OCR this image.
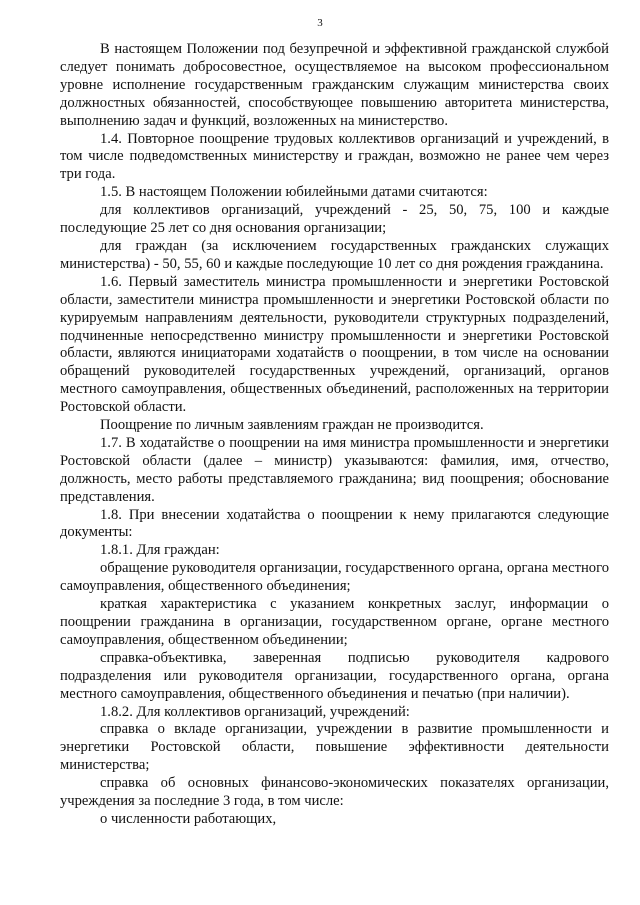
3

В настоящем Положении под безупречной и эффективной гражданской службой следует понимать добросовестное, осуществляемое на высоком профессиональном уровне исполнение государственным гражданским служащим министерства своих должностных обязанностей, способствующее повышению авторитета министерства, выполнению задач и функций, возложенных на министерство.

1.4. Повторное поощрение трудовых коллективов организаций и учреждений, в том числе подведомственных министерству и граждан, возможно не ранее чем через три года.

1.5. В настоящем Положении юбилейными датами считаются:

для коллективов организаций, учреждений - 25, 50, 75, 100 и каждые последующие 25 лет со дня основания организации;

для граждан (за исключением государственных гражданских служащих министерства) - 50, 55, 60 и каждые последующие 10 лет со дня рождения гражданина.

1.6. Первый заместитель министра промышленности и энергетики Ростовской области, заместители министра промышленности и энергетики Ростовской области по курируемым направлениям деятельности, руководители структурных подразделений, подчиненные непосредственно министру промышленности и энергетики Ростовской области, являются инициаторами ходатайств о поощрении, в том числе на основании обращений руководителей государственных учреждений, организаций, органов местного самоуправления, общественных объединений, расположенных на территории Ростовской области.

Поощрение по личным заявлениям граждан не производится.

1.7. В ходатайстве о поощрении на имя министра промышленности и энергетики Ростовской области (далее – министр) указываются: фамилия, имя, отчество, должность, место работы представляемого гражданина; вид поощрения; обоснование представления.

1.8. При внесении ходатайства о поощрении к нему прилагаются следующие документы:

1.8.1. Для граждан:

обращение руководителя организации, государственного органа, органа местного самоуправления, общественного объединения;

краткая характеристика с указанием конкретных заслуг, информации о поощрении гражданина в организации, государственном органе, органе местного самоуправления, общественном объединении;

справка-объективка, заверенная подписью руководителя кадрового подразделения или руководителя организации, государственного органа, органа местного самоуправления, общественного объединения и печатью (при наличии).

1.8.2. Для коллективов организаций, учреждений:

справка о вкладе организации, учреждении в развитие промышленности и энергетики Ростовской области, повышение эффективности деятельности министерства;

справка об основных финансово-экономических показателях организации, учреждения за последние 3 года, в том числе:

о численности работающих,
